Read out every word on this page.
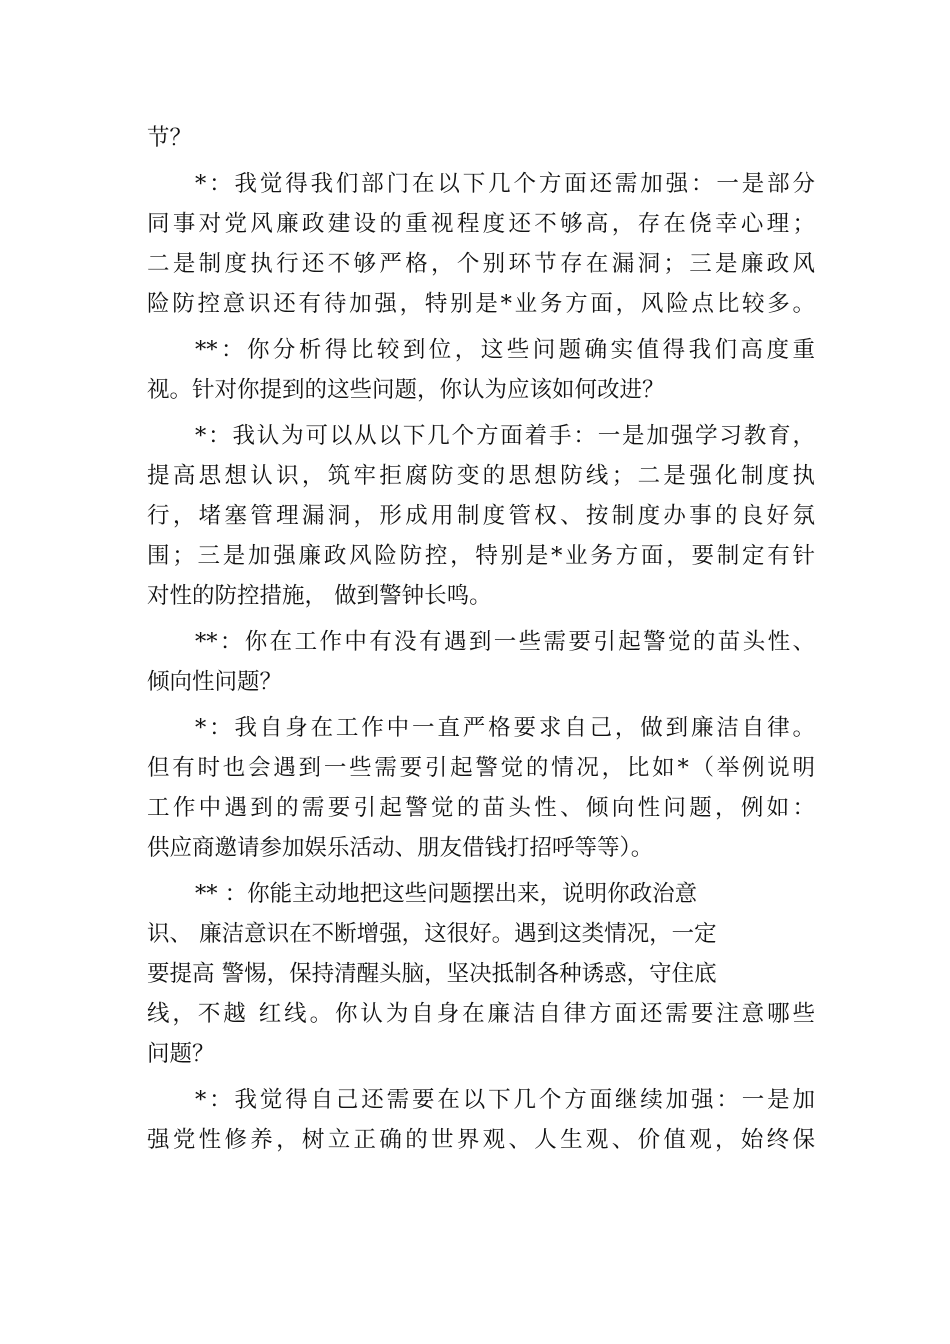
节？
*：我觉得我们部门在以下几个方面还需加强：一是部分
同事对党风廉政建设的重视程度还不够高，存在侥幸心理；
二是制度执行还不够严格，个别环节存在漏洞；三是廉政风
险防控意识还有待加强，特别是*业务方面，风险点比较多。
**：你分析得比较到位，这些问题确实值得我们高度重
视。针对你提到的这些问题，你认为应该如何改进？
*：我认为可以从以下几个方面着手：一是加强学习教育，
提高思想认识，筑牢拒腐防变的思想防线；二是强化制度执
行，堵塞管理漏洞，形成用制度管权、按制度办事的良好氛
围；三是加强廉政风险防控，特别是*业务方面，要制定有针
对性的防控措施， 做到警钟长鸣。
**：你在工作中有没有遇到一些需要引起警觉的苗头性、
倾向性问题？
*：我自身在工作中一直严格要求自己，做到廉洁自律。
但有时也会遇到一些需要引起警觉的情况，比如*（举例说明
工作中遇到的需要引起警觉的苗头性、倾向性问题，例如：
供应商邀请参加娱乐活动、朋友借钱打招呼等等）。
** ：你能主动地把这些问题摆出来，说明你政治意
识、 廉洁意识在不断增强，这很好。遇到这类情况，一定
要提高 警惕，保持清醒头脑，坚决抵制各种诱惑，守住底
线，不越 红线。你认为自身在廉洁自律方面还需要注意哪些
问题？
*：我觉得自己还需要在以下几个方面继续加强：一是加
强党性修养，树立正确的世界观、人生观、价值观，始终保
